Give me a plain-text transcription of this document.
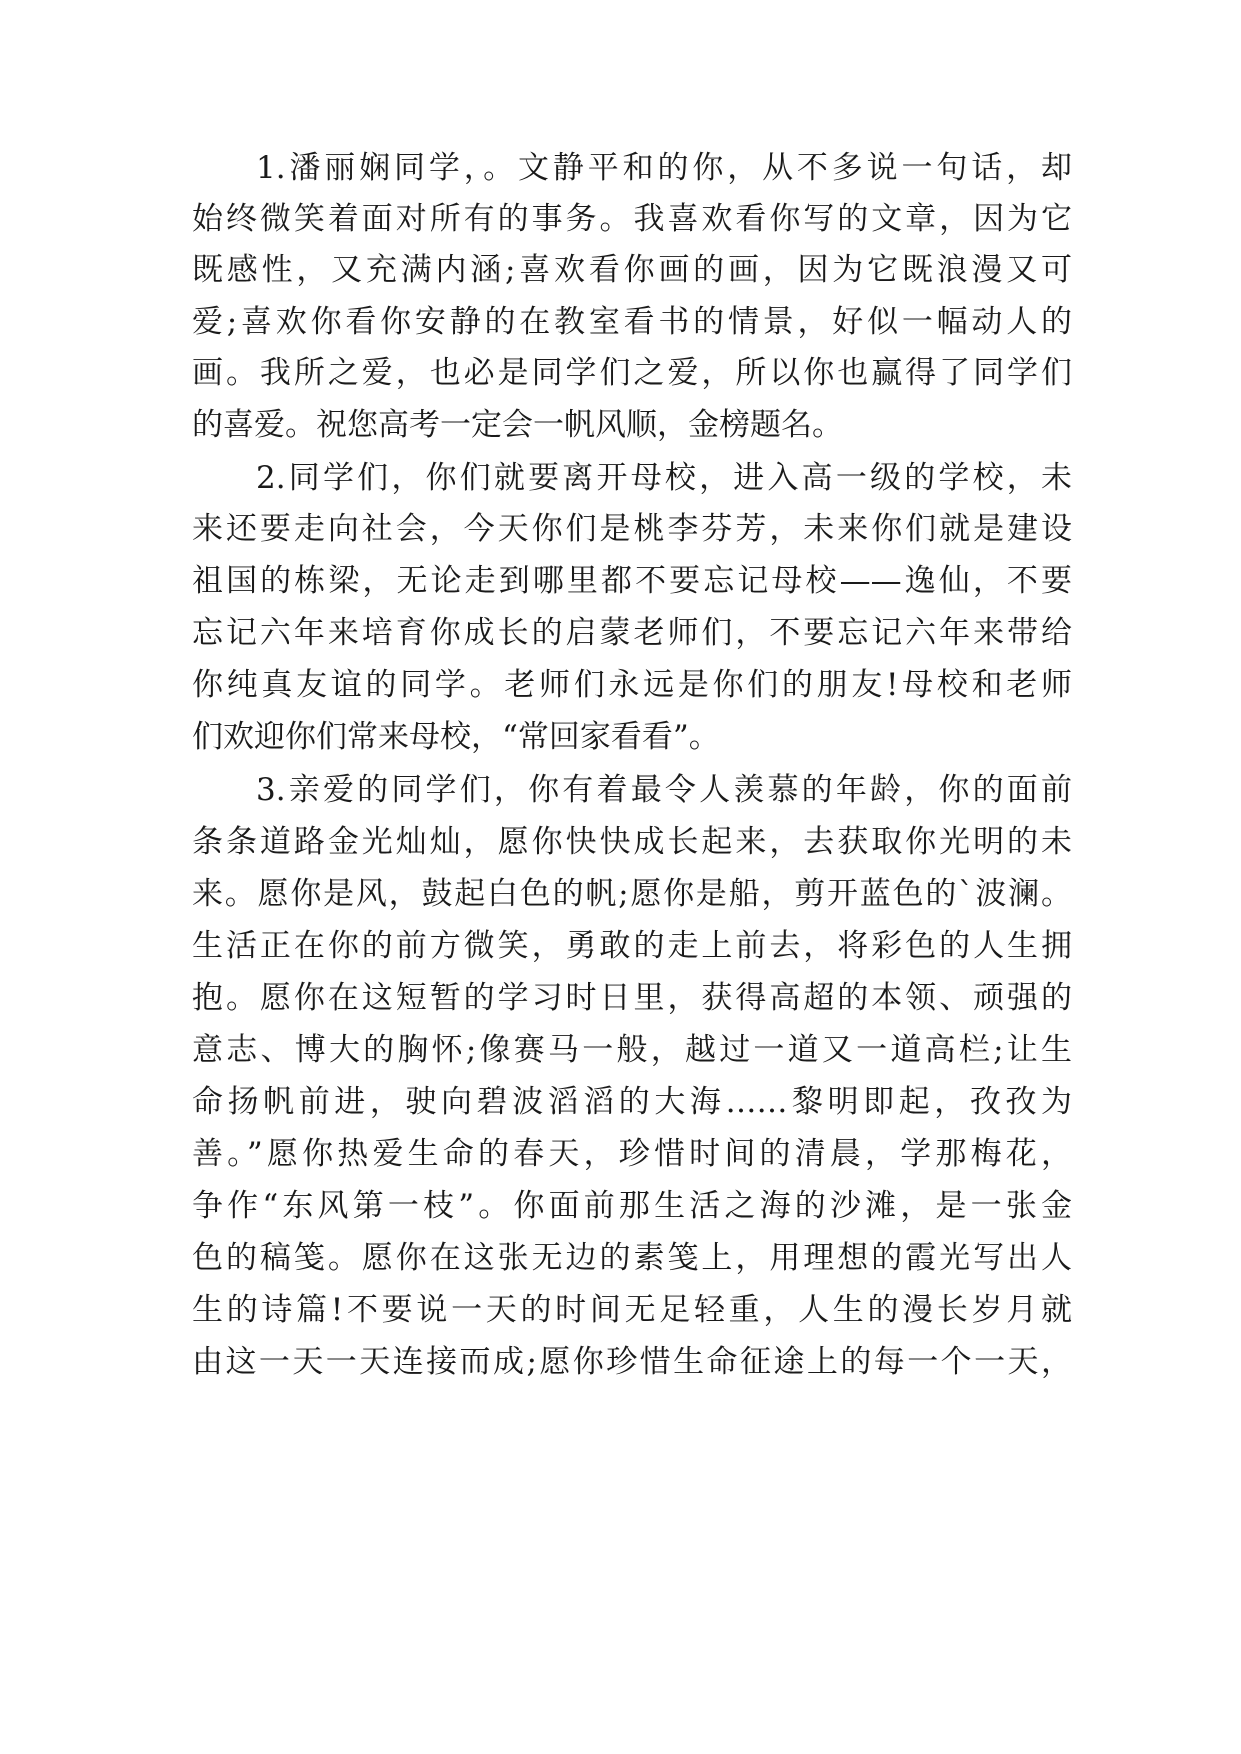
1.潘丽娴同学，。文静平和的你，从不多说一句话，却
始终微笑着面对所有的事务。我喜欢看你写的文章，因为它
既感性，又充满内涵;喜欢看你画的画，因为它既浪漫又可
爱;喜欢你看你安静的在教室看书的情景，好似一幅动人的
画。我所之爱，也必是同学们之爱，所以你也赢得了同学们
的喜爱。祝您高考一定会一帆风顺，金榜题名。
2.同学们，你们就要离开母校，进入高一级的学校，未
来还要走向社会，今天你们是桃李芬芳，未来你们就是建设
祖国的栋梁，无论走到哪里都不要忘记母校——逸仙，不要
忘记六年来培育你成长的启蒙老师们，不要忘记六年来带给
你纯真友谊的同学。老师们永远是你们的朋友!母校和老师
们欢迎你们常来母校，“常回家看看”。
3.亲爱的同学们，你有着最令人羡慕的年龄，你的面前
条条道路金光灿灿，愿你快快成长起来，去获取你光明的未
来。愿你是风，鼓起白色的帆;愿你是船，剪开蓝色的`波澜。
生活正在你的前方微笑，勇敢的走上前去，将彩色的人生拥
抱。愿你在这短暂的学习时日里，获得高超的本领、顽强的
意志、博大的胸怀;像赛马一般，越过一道又一道高栏;让生
命扬帆前进，驶向碧波滔滔的大海……黎明即起，孜孜为
善。”愿你热爱生命的春天，珍惜时间的清晨，学那梅花，
争作“东风第一枝”。你面前那生活之海的沙滩，是一张金
色的稿笺。愿你在这张无边的素笺上，用理想的霞光写出人
生的诗篇!不要说一天的时间无足轻重，人生的漫长岁月就
由这一天一天连接而成;愿你珍惜生命征途上的每一个一天，
